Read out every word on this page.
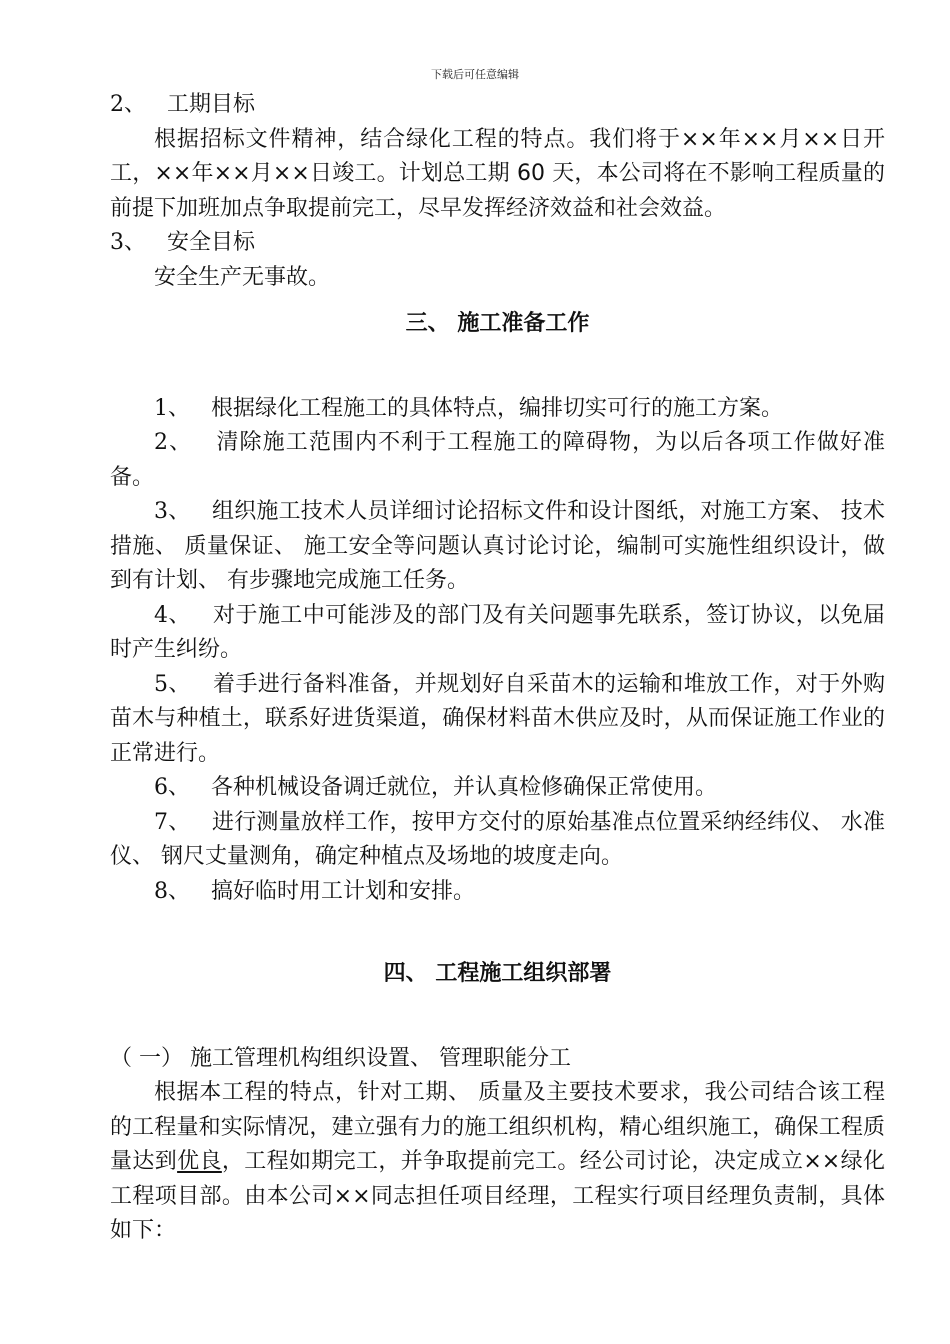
下载后可任意编辑

2、 工期目标

根据招标文件精神，结合绿化工程的特点。我们将于××年××月××日开工，××年××月××日竣工。计划总工期 60 天，本公司将在不影响工程质量的前提下加班加点争取提前完工，尽早发挥经济效益和社会效益。

3、 安全目标

安全生产无事故。

三、 施工准备工作

1、 根据绿化工程施工的具体特点，编排切实可行的施工方案。

2、 清除施工范围内不利于工程施工的障碍物，为以后各项工作做好准备。

3、 组织施工技术人员详细讨论招标文件和设计图纸，对施工方案、 技术措施、 质量保证、 施工安全等问题认真讨论讨论，编制可实施性组织设计，做到有计划、 有步骤地完成施工任务。

4、 对于施工中可能涉及的部门及有关问题事先联系，签订协议，以免届时产生纠纷。

5、 着手进行备料准备，并规划好自采苗木的运输和堆放工作，对于外购苗木与种植土，联系好进货渠道，确保材料苗木供应及时，从而保证施工作业的正常进行。

6、 各种机械设备调迁就位，并认真检修确保正常使用。

7、 进行测量放样工作，按甲方交付的原始基准点位置采纳经纬仪、 水准仪、 钢尺丈量测角，确定种植点及场地的坡度走向。

8、 搞好临时用工计划和安排。

四、 工程施工组织部署

（ 一） 施工管理机构组织设置、 管理职能分工

根据本工程的特点，针对工期、 质量及主要技术要求，我公司结合该工程的工程量和实际情况，建立强有力的施工组织机构，精心组织施工，确保工程质量达到优良，工程如期完工，并争取提前完工。经公司讨论，决定成立××绿化工程项目部。由本公司××同志担任项目经理，工程实行项目经理负责制，具体如下：
